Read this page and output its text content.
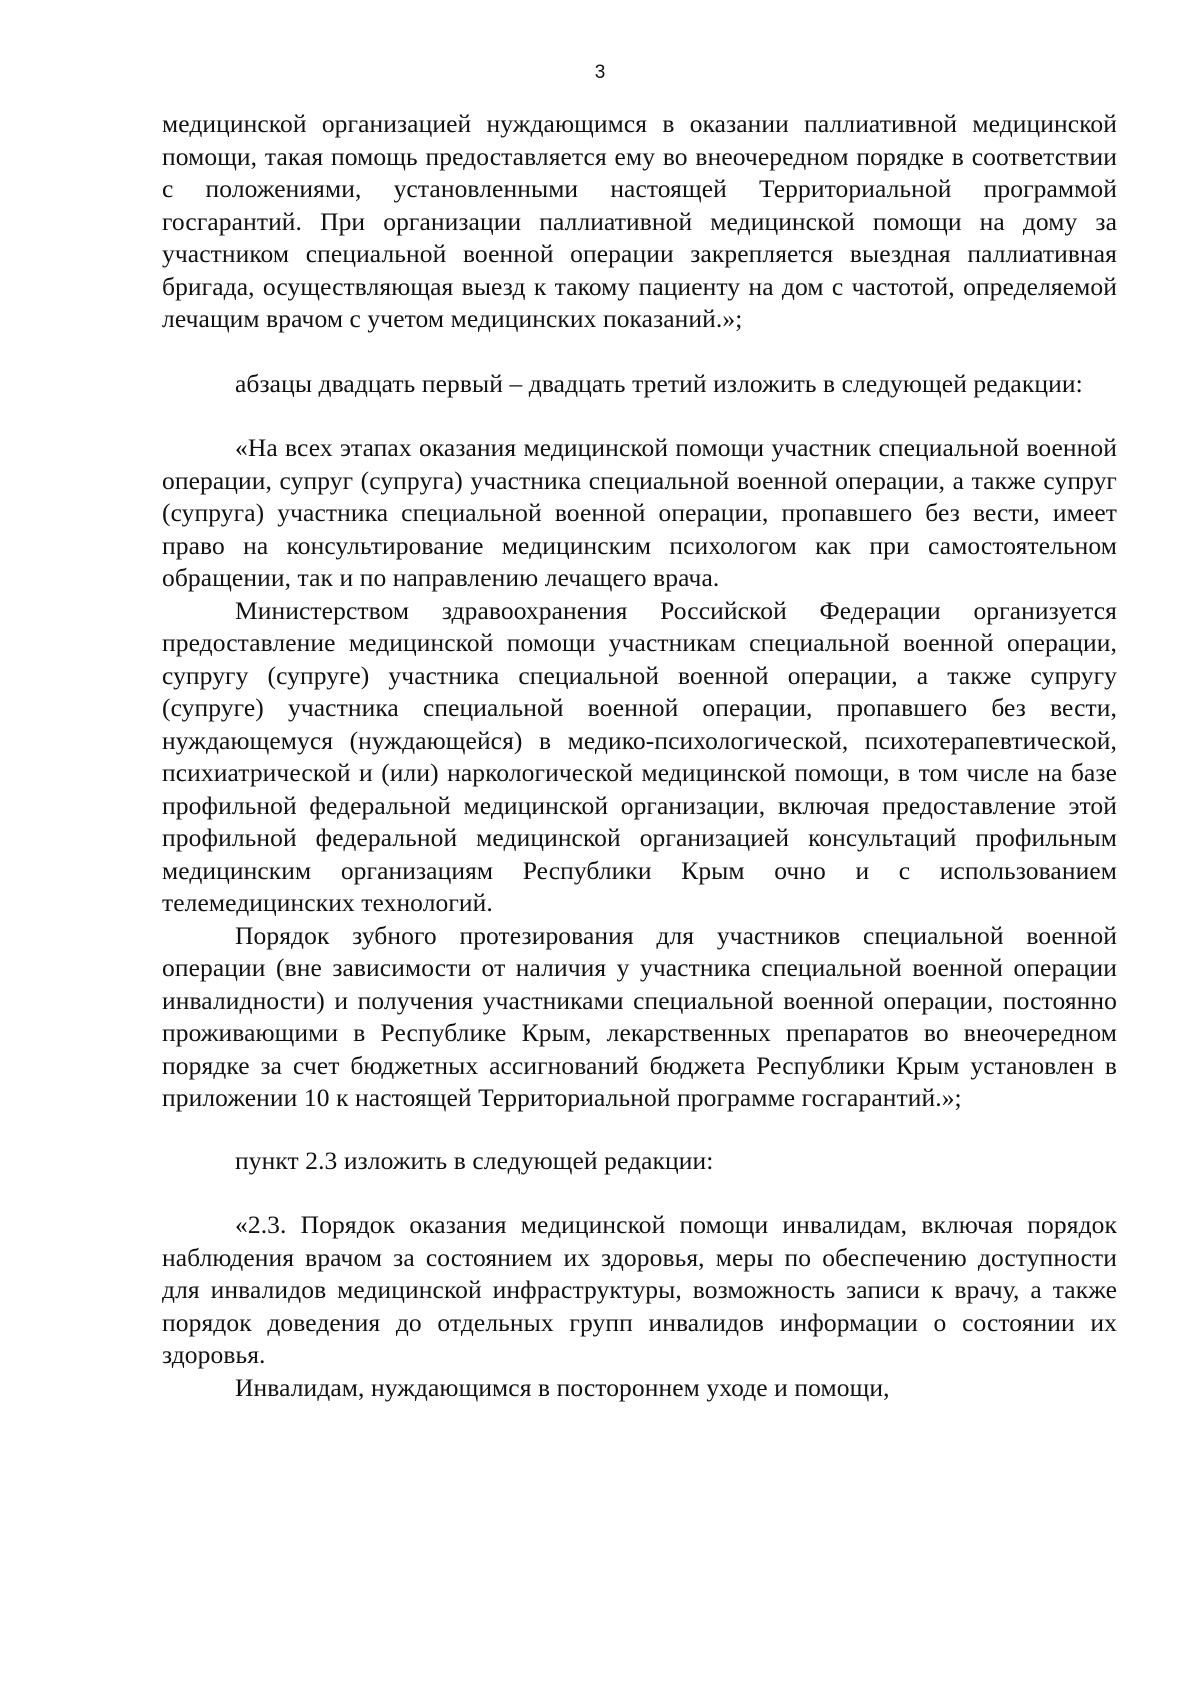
3

медицинской организацией нуждающимся в оказании паллиативной медицинской помощи, такая помощь предоставляется ему во внеочередном порядке в соответствии с положениями, установленными настоящей Территориальной программой госгарантий. При организации паллиативной медицинской помощи на дому за участником специальной военной операции закрепляется выездная паллиативная бригада, осуществляющая выезд к такому пациенту на дом с частотой, определяемой лечащим врачом с учетом медицинских показаний.»;

абзацы двадцать первый – двадцать третий изложить в следующей редакции:

«На всех этапах оказания медицинской помощи участник специальной военной операции, супруг (супруга) участника специальной военной операции, а также супруг (супруга) участника специальной военной операции, пропавшего без вести, имеет право на консультирование медицинским психологом как при самостоятельном обращении, так и по направлению лечащего врача.

Министерством здравоохранения Российской Федерации организуется предоставление медицинской помощи участникам специальной военной операции, супругу (супруге) участника специальной военной операции, а также супругу (супруге) участника специальной военной операции, пропавшего без вести, нуждающемуся (нуждающейся) в медико-психологической, психотерапевтической, психиатрической и (или) наркологической медицинской помощи, в том числе на базе профильной федеральной медицинской организации, включая предоставление этой профильной федеральной медицинской организацией консультаций профильным медицинским организациям Республики Крым очно и с использованием телемедицинских технологий.

Порядок зубного протезирования для участников специальной военной операции (вне зависимости от наличия у участника специальной военной операции инвалидности) и получения участниками специальной военной операции, постоянно проживающими в Республике Крым, лекарственных препаратов во внеочередном порядке за счет бюджетных ассигнований бюджета Республики Крым установлен в приложении 10 к настоящей Территориальной программе госгарантий.»;

пункт 2.3 изложить в следующей редакции:

«2.3. Порядок оказания медицинской помощи инвалидам, включая порядок наблюдения врачом за состоянием их здоровья, меры по обеспечению доступности для инвалидов медицинской инфраструктуры, возможность записи к врачу, а также порядок доведения до отдельных групп инвалидов информации о состоянии их здоровья.

Инвалидам, нуждающимся в постороннем уходе и помощи,
